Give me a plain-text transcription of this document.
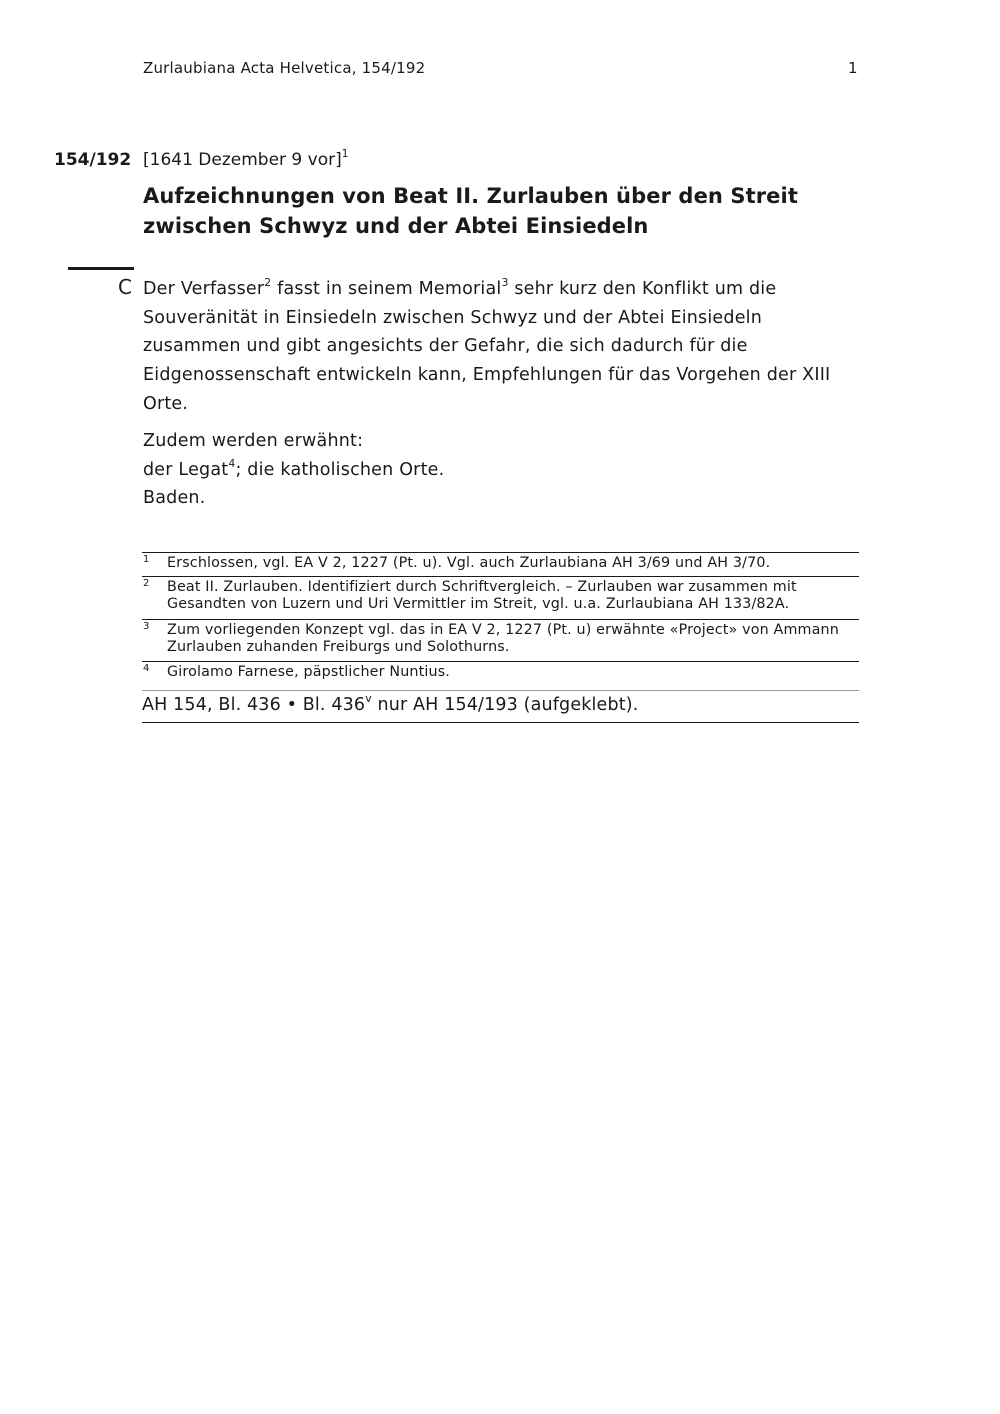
Zurlaubiana Acta Helvetica, 154/192	1
154/192 [1641 Dezember 9 vor]$^1$
Aufzeichnungen von Beat II. Zurlauben über den Streit zwischen Schwyz und der Abtei Einsiedeln
C Der Verfasser$^2$ fasst in seinem Memorial$^3$ sehr kurz den Konflikt um die Souveränität in Einsiedeln zwischen Schwyz und der Abtei Einsiedeln zusammen und gibt angesichts der Gefahr, die sich dadurch für die Eidgenossenschaft entwickeln kann, Empfehlungen für das Vorgehen der XIII Orte.
Zudem werden erwähnt:
der Legat$^4$; die katholischen Orte.
Baden.
1 Erschlossen, vgl. EA V 2, 1227 (Pt. u). Vgl. auch Zurlaubiana AH 3/69 und AH 3/70.
2 Beat II. Zurlauben. Identifiziert durch Schriftvergleich. – Zurlauben war zusammen mit Gesandten von Luzern und Uri Vermittler im Streit, vgl. u.a. Zurlaubiana AH 133/82A.
3 Zum vorliegenden Konzept vgl. das in EA V 2, 1227 (Pt. u) erwähnte «Project» von Ammann Zurlauben zuhanden Freiburgs und Solothurns.
4 Girolamo Farnese, päpstlicher Nuntius.
AH 154, Bl. 436 • Bl. 436$^v$ nur AH 154/193 (aufgeklebt).
